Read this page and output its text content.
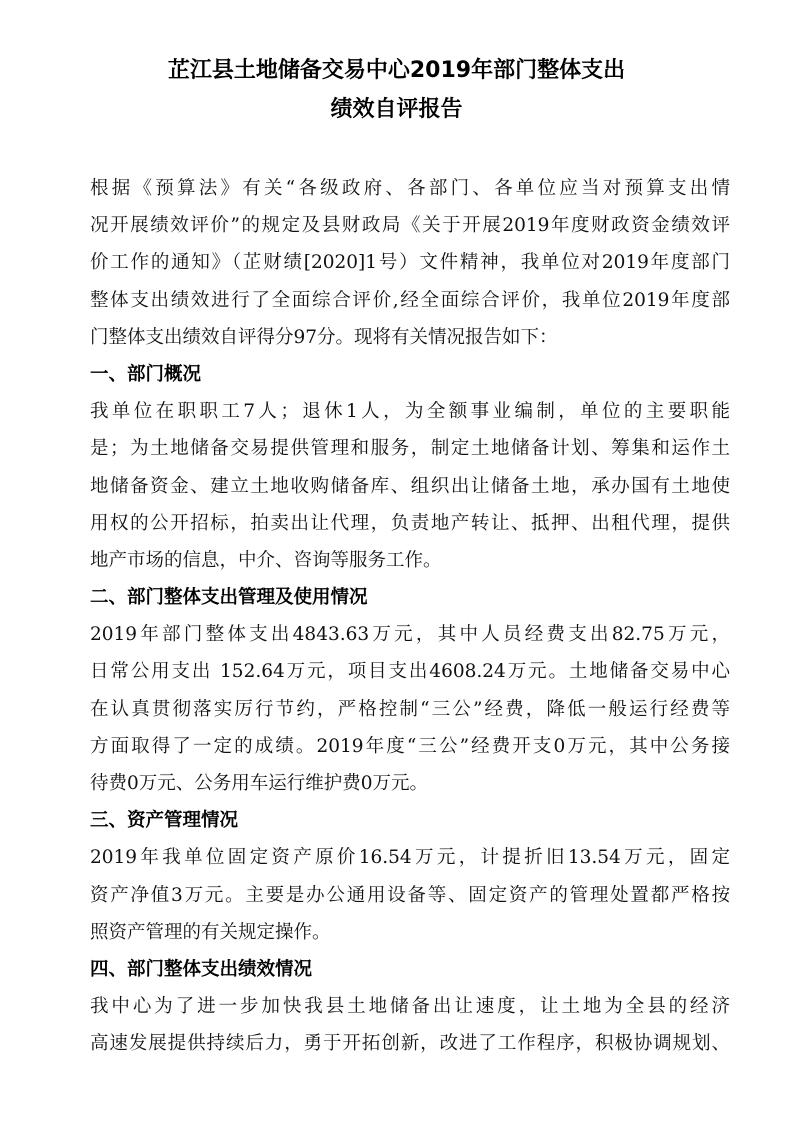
芷江县土地储备交易中心2019年部门整体支出
绩效自评报告
根据《预算法》有关“各级政府、各部门、各单位应当对预算支出情
况开展绩效评价”的规定及县财政局《关于开展2019年度财政资金绩效评
价工作的通知》（芷财绩[2020]1号）文件精神，我单位对2019年度部门
整体支出绩效进行了全面综合评价,经全面综合评价，我单位2019年度部
门整体支出绩效自评得分97分。现将有关情况报告如下：
一、部门概况
我单位在职职工7人；退休1人，为全额事业编制，单位的主要职能
是；为土地储备交易提供管理和服务，制定土地储备计划、筹集和运作土
地储备资金、建立土地收购储备库、组织出让储备土地，承办国有土地使
用权的公开招标，拍卖出让代理，负责地产转让、抵押、出租代理，提供
地产市场的信息，中介、咨询等服务工作。
二、部门整体支出管理及使用情况
2019年部门整体支出4843.63万元，其中人员经费支出82.75万元，
日常公用支出 152.64万元，项目支出4608.24万元。土地储备交易中心
在认真贯彻落实厉行节约，严格控制“三公”经费，降低一般运行经费等
方面取得了一定的成绩。2019年度“三公”经费开支0万元，其中公务接
待费0万元、公务用车运行维护费0万元。
三、资产管理情况
2019年我单位固定资产原价16.54万元，计提折旧13.54万元，固定
资产净值3万元。主要是办公通用设备等、固定资产的管理处置都严格按
照资产管理的有关规定操作。
四、部门整体支出绩效情况
我中心为了进一步加快我县土地储备出让速度，让土地为全县的经济
高速发展提供持续后力，勇于开拓创新，改进了工作程序，积极协调规划、
